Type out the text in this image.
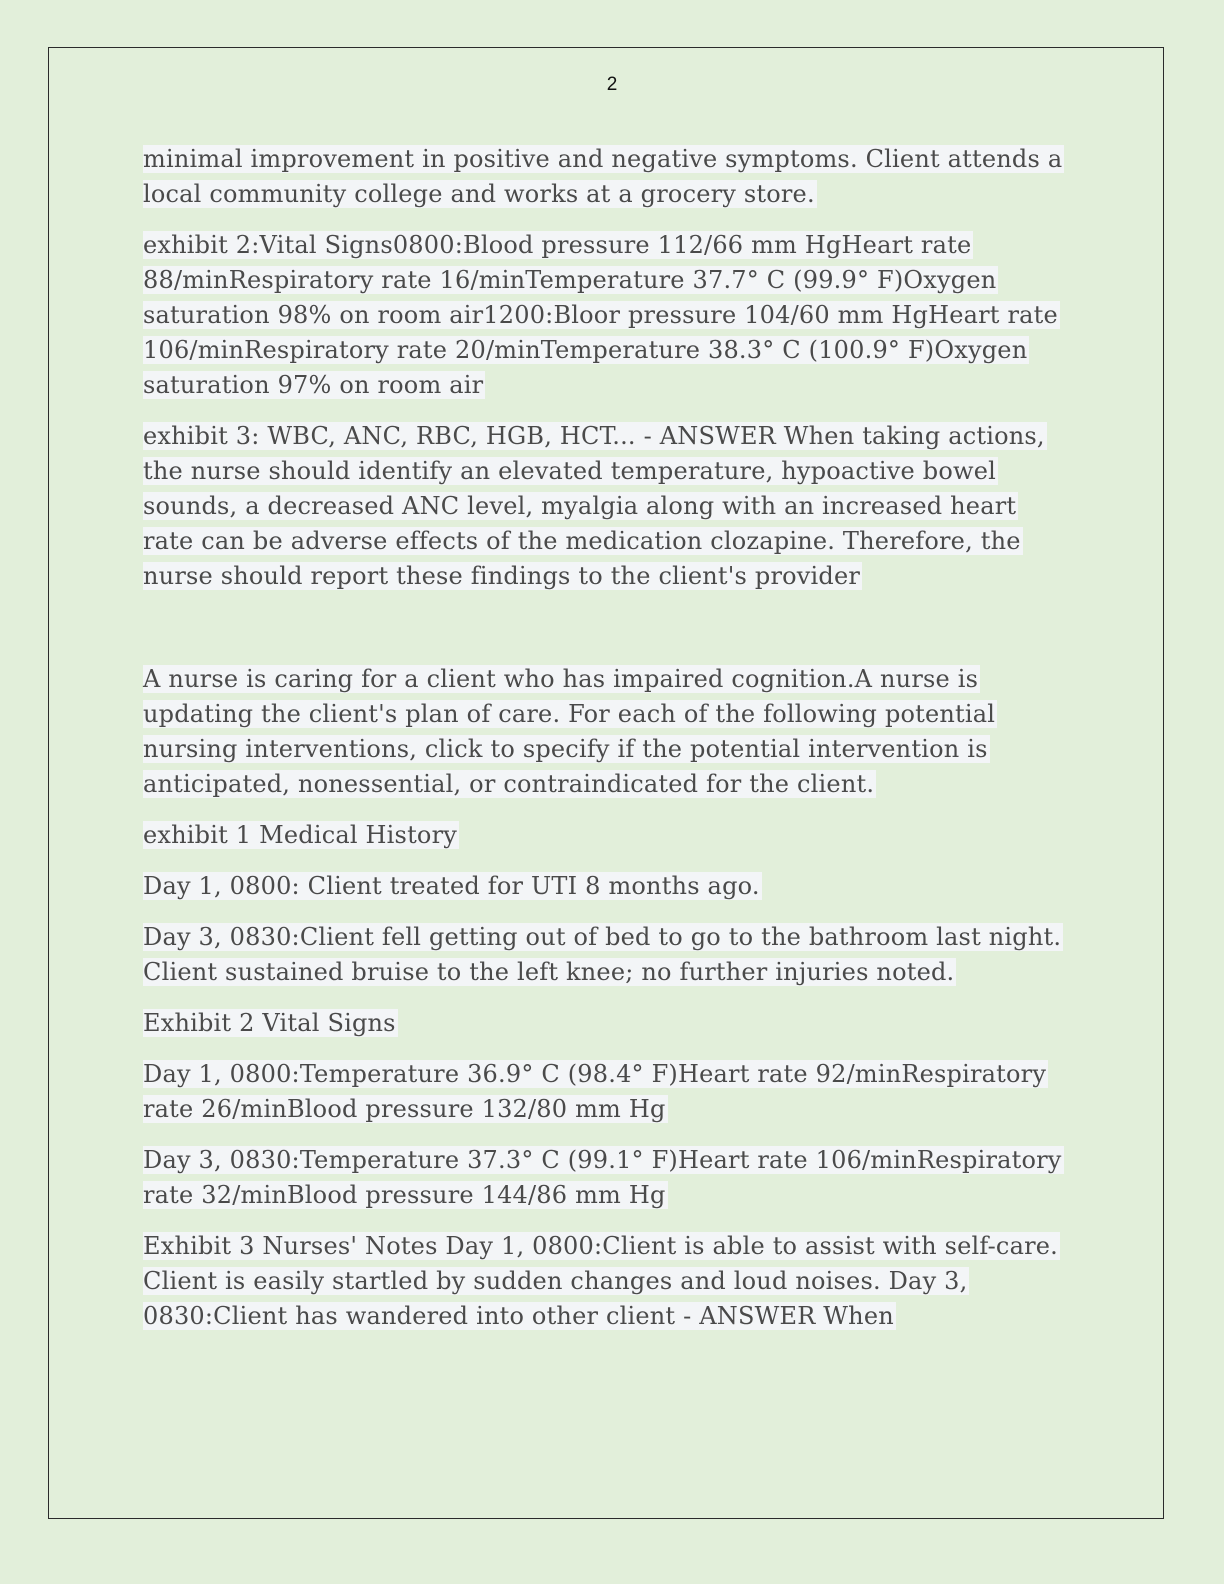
2

minimal improvement in positive and negative symptoms. Client attends a local community college and works at a grocery store.

exhibit 2:Vital Signs0800:Blood pressure 112/66 mm HgHeart rate 88/minRespiratory rate 16/minTemperature 37.7° C (99.9° F)Oxygen saturation 98% on room air1200:Bloor pressure 104/60 mm HgHeart rate 106/minRespiratory rate 20/minTemperature 38.3° C (100.9° F)Oxygen saturation 97% on room air

exhibit 3: WBC, ANC, RBC, HGB, HCT... - ANSWER When taking actions, the nurse should identify an elevated temperature, hypoactive bowel sounds, a decreased ANC level, myalgia along with an increased heart rate can be adverse effects of the medication clozapine. Therefore, the nurse should report these findings to the client's provider

A nurse is caring for a client who has impaired cognition.A nurse is updating the client's plan of care. For each of the following potential nursing interventions, click to specify if the potential intervention is anticipated, nonessential, or contraindicated for the client.

exhibit 1 Medical History

Day 1, 0800: Client treated for UTI 8 months ago.

Day 3, 0830:Client fell getting out of bed to go to the bathroom last night. Client sustained bruise to the left knee; no further injuries noted.

Exhibit 2 Vital Signs

Day 1, 0800:Temperature 36.9° C (98.4° F)Heart rate 92/minRespiratory rate 26/minBlood pressure 132/80 mm Hg

Day 3, 0830:Temperature 37.3° C (99.1° F)Heart rate 106/minRespiratory rate 32/minBlood pressure 144/86 mm Hg

Exhibit 3 Nurses' Notes Day 1, 0800:Client is able to assist with self-care. Client is easily startled by sudden changes and loud noises. Day 3, 0830:Client has wandered into other client - ANSWER When
